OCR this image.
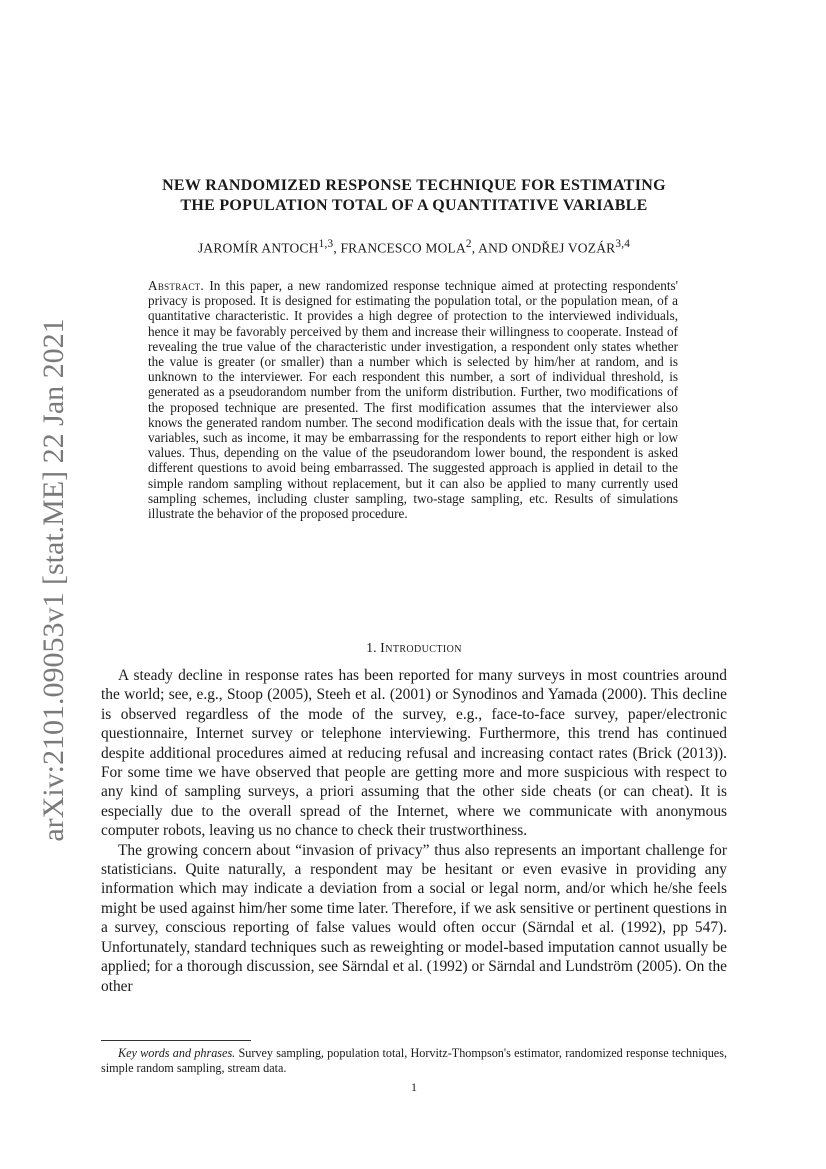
arXiv:2101.09053v1 [stat.ME] 22 Jan 2021
NEW RANDOMIZED RESPONSE TECHNIQUE FOR ESTIMATING
THE POPULATION TOTAL OF A QUANTITATIVE VARIABLE
JAROMÍR ANTOCH$^{1,3}$, FRANCESCO MOLA$^2$, AND ONDŘEJ VOZÁR$^{3,4}$

Abstract. In this paper, a new randomized response technique aimed at protecting respondents' privacy is proposed. It is designed for estimating the population total, or the population mean, of a quantitative characteristic. It provides a high degree of protection to the interviewed individuals, hence it may be favorably perceived by them and increase their willingness to cooperate. Instead of revealing the true value of the characteristic under investigation, a respondent only states whether the value is greater (or smaller) than a number which is selected by him/her at random, and is unknown to the interviewer. For each respondent this number, a sort of individual threshold, is generated as a pseudorandom number from the uniform distribution. Further, two modifications of the proposed technique are presented. The first modification assumes that the interviewer also knows the generated random number. The second modification deals with the issue that, for certain variables, such as income, it may be embarrassing for the respondents to report either high or low values. Thus, depending on the value of the pseudorandom lower bound, the respondent is asked different questions to avoid being embarrassed. The suggested approach is applied in detail to the simple random sampling without replacement, but it can also be applied to many currently used sampling schemes, including cluster sampling, two-stage sampling, etc. Results of simulations illustrate the behavior of the proposed procedure.

1. Introduction

A steady decline in response rates has been reported for many surveys in most countries around the world; see, e.g., Stoop (2005), Steeh et al. (2001) or Synodinos and Yamada (2000). This decline is observed regardless of the mode of the survey, e.g., face-to-face survey, paper/electronic questionnaire, Internet survey or telephone interviewing. Furthermore, this trend has continued despite additional procedures aimed at reducing refusal and increasing contact rates (Brick (2013)). For some time we have observed that people are getting more and more suspicious with respect to any kind of sampling surveys, a priori assuming that the other side cheats (or can cheat). It is especially due to the overall spread of the Internet, where we communicate with anonymous computer robots, leaving us no chance to check their trustworthiness.

The growing concern about “invasion of privacy” thus also represents an important challenge for statisticians. Quite naturally, a respondent may be hesitant or even evasive in providing any information which may indicate a deviation from a social or legal norm, and/or which he/she feels might be used against him/her some time later. Therefore, if we ask sensitive or pertinent questions in a survey, conscious reporting of false values would often occur (Särndal et al. (1992), pp 547). Unfortunately, standard techniques such as reweighting or model-based imputation cannot usually be applied; for a thorough discussion, see Särndal et al. (1992) or Särndal and Lundström (2005). On the other

Key words and phrases. Survey sampling, population total, Horvitz-Thompson's estimator, randomized response techniques, simple random sampling, stream data.

1
